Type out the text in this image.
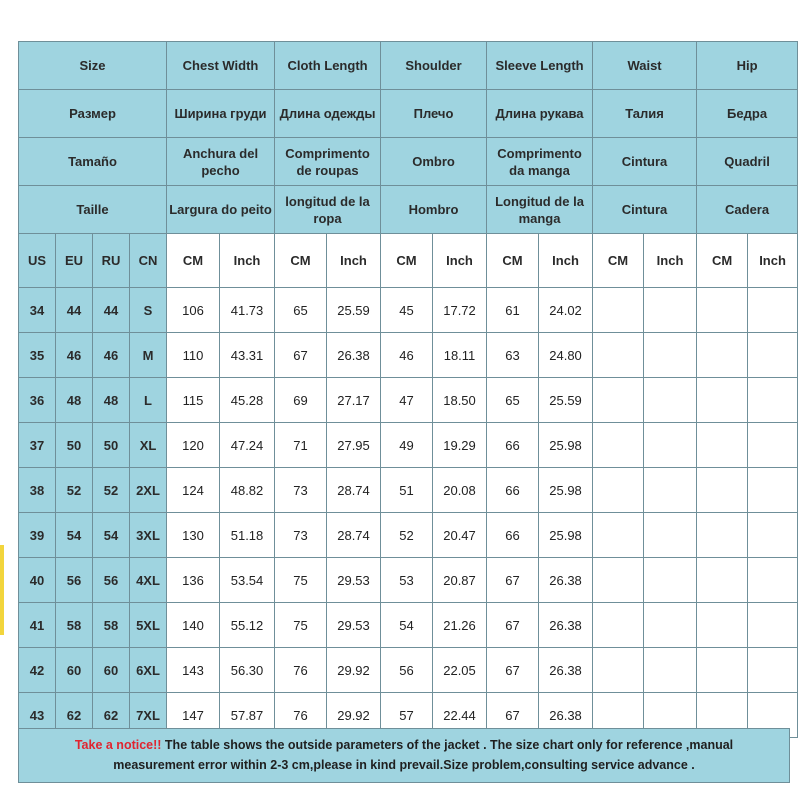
Size				Chest Width		Cloth Length		Shoulder		Sleeve Length		Waist		Hip	
Размер				Ширина груди		Длина одежды		Плечо		Длина рукава		Талия		Бедра	
Tamaño				Anchura del pecho		Comprimento de roupas		Ombro		Comprimento da manga		Cintura		Quadril	
Taille				Largura do peito		longitud de la ropa		Hombro		Longitud de la manga		Cintura		Cadera	
US	EU	RU	CN	CM	Inch	CM	Inch	CM	Inch	CM	Inch	CM	Inch	CM	Inch
34	44	44	S	106	41.73	65	25.59	45	17.72	61	24.02				
35	46	46	M	110	43.31	67	26.38	46	18.11	63	24.80				
36	48	48	L	115	45.28	69	27.17	47	18.50	65	25.59				
37	50	50	XL	120	47.24	71	27.95	49	19.29	66	25.98				
38	52	52	2XL	124	48.82	73	28.74	51	20.08	66	25.98				
39	54	54	3XL	130	51.18	73	28.74	52	20.47	66	25.98				
40	56	56	4XL	136	53.54	75	29.53	53	20.87	67	26.38				
41	58	58	5XL	140	55.12	75	29.53	54	21.26	67	26.38				
42	60	60	6XL	143	56.30	76	29.92	56	22.05	67	26.38				
43	62	62	7XL	147	57.87	76	29.92	57	22.44	67	26.38				
Take a notice!! The table shows the outside parameters of the jacket . The size chart only for reference ,manual
measurement error within 2-3 cm,please in kind prevail.Size problem,consulting service advance .
